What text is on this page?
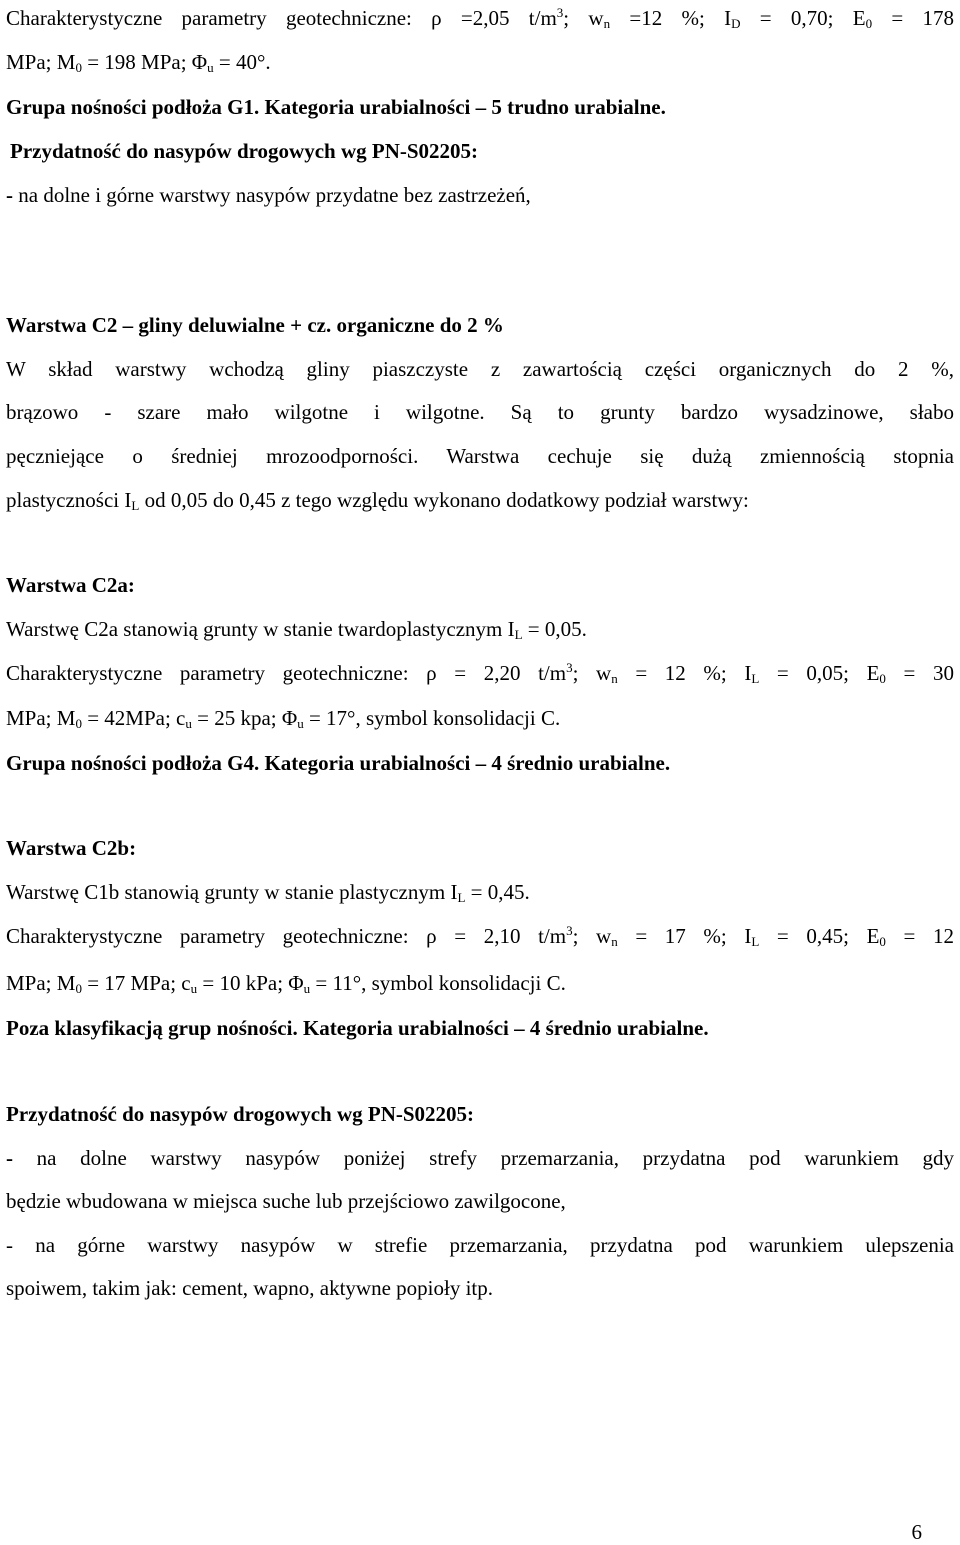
Charakterystyczne parametry geotechniczne: ρ =2,05 $t/m^3$; $w_n =12$ %; $I_D = 0,70$; $E_0 = 178$
MPa; $M_0 = 198$ MPa; $\Phi_u = 40^\circ$.
Grupa nośności podłoża G1. Kategoria urabialności – 5 trudno urabialne.
Przydatność do nasypów drogowych wg PN-S02205:
- na dolne i górne warstwy nasypów przydatne bez zastrzeżeń,
Warstwa C2 – gliny deluwialne + cz. organiczne do 2 %
W skład warstwy wchodzą gliny piaszczyste z zawartością części organicznych do 2 %,
brązowo - szare mało wilgotne i wilgotne. Są to grunty bardzo wysadzinowe, słabo
pęczniejące o średniej mrozoodporności. Warstwa cechuje się dużą zmiennością stopnia
plastyczności $I_L$ od 0,05 do 0,45 z tego względu wykonano dodatkowy podział warstwy:
Warstwa C2a:
Warstwę C2a stanowią grunty w stanie twardoplastycznym $I_L = 0,05$.
Charakterystyczne parametry geotechniczne: ρ = 2,20 $t/m^3$; $w_n = 12$ %; $I_L = 0,05$; $E_0 = 30$
MPa; $M_0 = 42MPa$; $c_u = 25$ kpa; $\Phi_u = 17^\circ$, symbol konsolidacji C.
Grupa nośności podłoża G4. Kategoria urabialności – 4 średnio urabialne.
Warstwa C2b:
Warstwę C1b stanowią grunty w stanie plastycznym $I_L = 0,45$.
Charakterystyczne parametry geotechniczne: ρ = 2,10 $t/m^3$; $w_n = 17$ %; $I_L = 0,45$; $E_0 = 12$
MPa; $M_0 = 17$ MPa; $c_u = 10$ kPa; $\Phi_u = 11^\circ$, symbol konsolidacji C.
Poza klasyfikacją grup nośności. Kategoria urabialności – 4 średnio urabialne.
Przydatność do nasypów drogowych wg PN-S02205:
- na dolne warstwy nasypów poniżej strefy przemarzania, przydatna pod warunkiem gdy
będzie wbudowana w miejsca suche lub przejściowo zawilgocone,
- na górne warstwy nasypów w strefie przemarzania, przydatna pod warunkiem ulepszenia
spoiwem, takim jak: cement, wapno, aktywne popioły itp.
6
